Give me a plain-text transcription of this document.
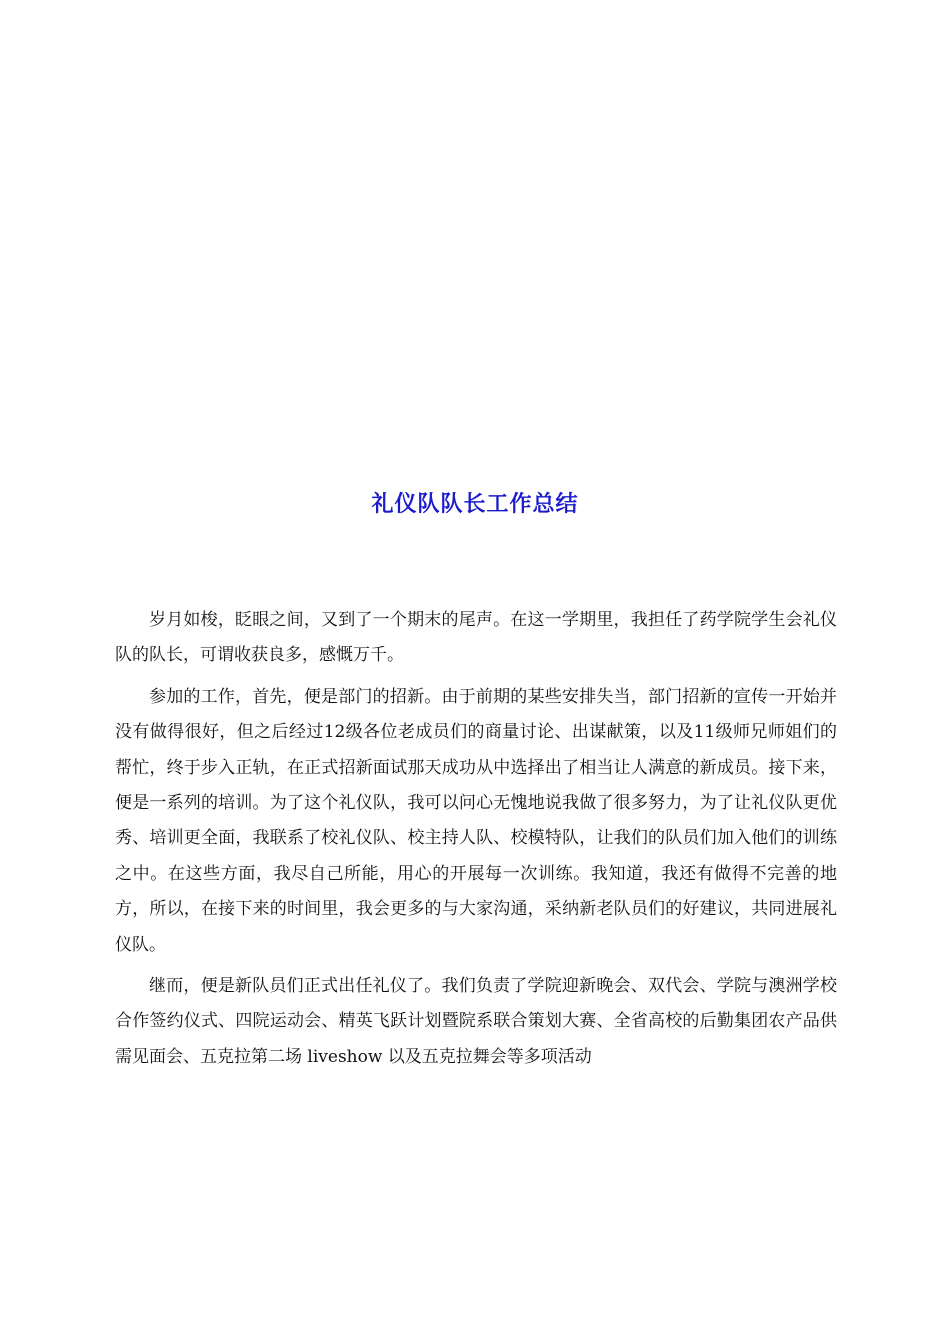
礼仪队队长工作总结

岁月如梭，眨眼之间，又到了一个期末的尾声。在这一学期里，我担任了药学院学生会礼仪队的队长，可谓收获良多，感慨万千。

参加的工作，首先，便是部门的招新。由于前期的某些安排失当，部门招新的宣传一开始并没有做得很好，但之后经过12级各位老成员们的商量讨论、出谋献策，以及11级师兄师姐们的帮忙，终于步入正轨，在正式招新面试那天成功从中选择出了相当让人满意的新成员。接下来，便是一系列的培训。为了这个礼仪队，我可以问心无愧地说我做了很多努力，为了让礼仪队更优秀、培训更全面，我联系了校礼仪队、校主持人队、校模特队，让我们的队员们加入他们的训练之中。在这些方面，我尽自己所能，用心的开展每一次训练。我知道，我还有做得不完善的地方，所以，在接下来的时间里，我会更多的与大家沟通，采纳新老队员们的好建议，共同进展礼仪队。

继而，便是新队员们正式出任礼仪了。我们负责了学院迎新晚会、双代会、学院与澳洲学校合作签约仪式、四院运动会、精英飞跃计划暨院系联合策划大赛、全省高校的后勤集团农产品供需见面会、五克拉第二场 liveshow 以及五克拉舞会等多项活动
